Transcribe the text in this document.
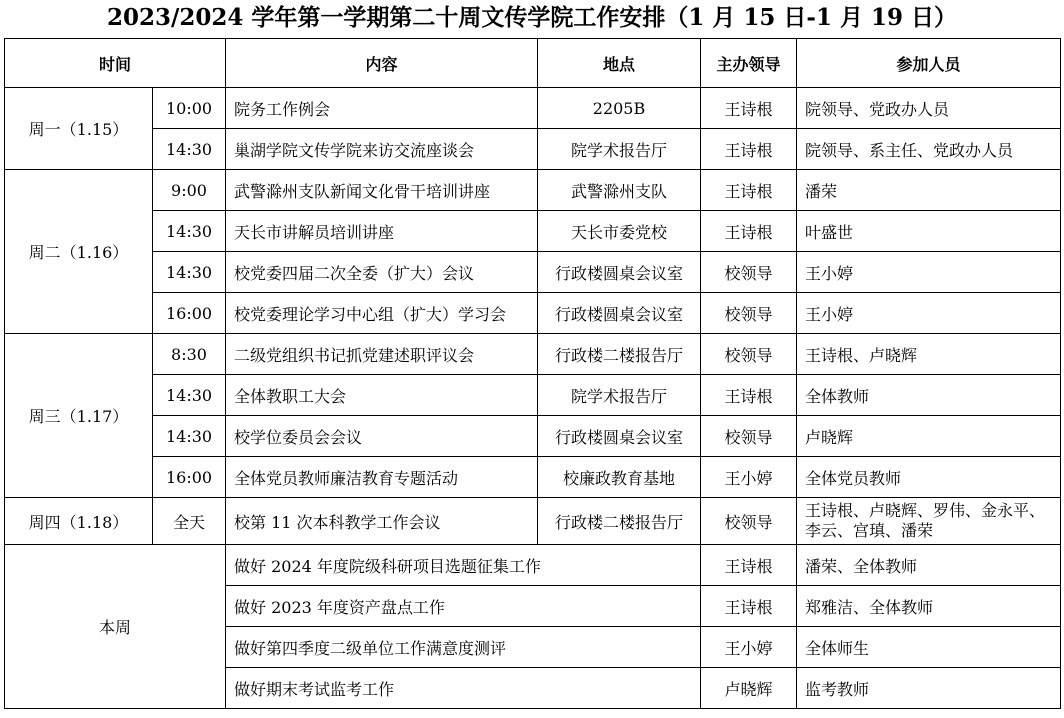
2023/2024 学年第一学期第二十周文传学院工作安排（1 月 15 日-1 月 19 日）
时间		内容	地点	主办领导	参加人员
周一（1.15）	10:00	院务工作例会	2205B	王诗根	院领导、党政办人员
	14:30	巢湖学院文传学院来访交流座谈会	院学术报告厅	王诗根	院领导、系主任、党政办人员
周二（1.16）	9:00	武警滁州支队新闻文化骨干培训讲座	武警滁州支队	王诗根	潘荣
	14:30	天长市讲解员培训讲座	天长市委党校	王诗根	叶盛世
	14:30	校党委四届二次全委（扩大）会议	行政楼圆桌会议室	校领导	王小婷
	16:00	校党委理论学习中心组（扩大）学习会	行政楼圆桌会议室	校领导	王小婷
周三（1.17）	8:30	二级党组织书记抓党建述职评议会	行政楼二楼报告厅	校领导	王诗根、卢晓辉
	14:30	全体教职工大会	院学术报告厅	王诗根	全体教师
	14:30	校学位委员会会议	行政楼圆桌会议室	校领导	卢晓辉
	16:00	全体党员教师廉洁教育专题活动	校廉政教育基地	王小婷	全体党员教师
周四（1.18）	全天	校第 11 次本科教学工作会议	行政楼二楼报告厅	校领导	王诗根、卢晓辉、罗伟、金永平、李云、宫瑱、潘荣
本周		做好 2024 年度院级科研项目选题征集工作		王诗根	潘荣、全体教师
		做好 2023 年度资产盘点工作		王诗根	郑雅洁、全体教师
		做好第四季度二级单位工作满意度测评		王小婷	全体师生
		做好期末考试监考工作		卢晓辉	监考教师
